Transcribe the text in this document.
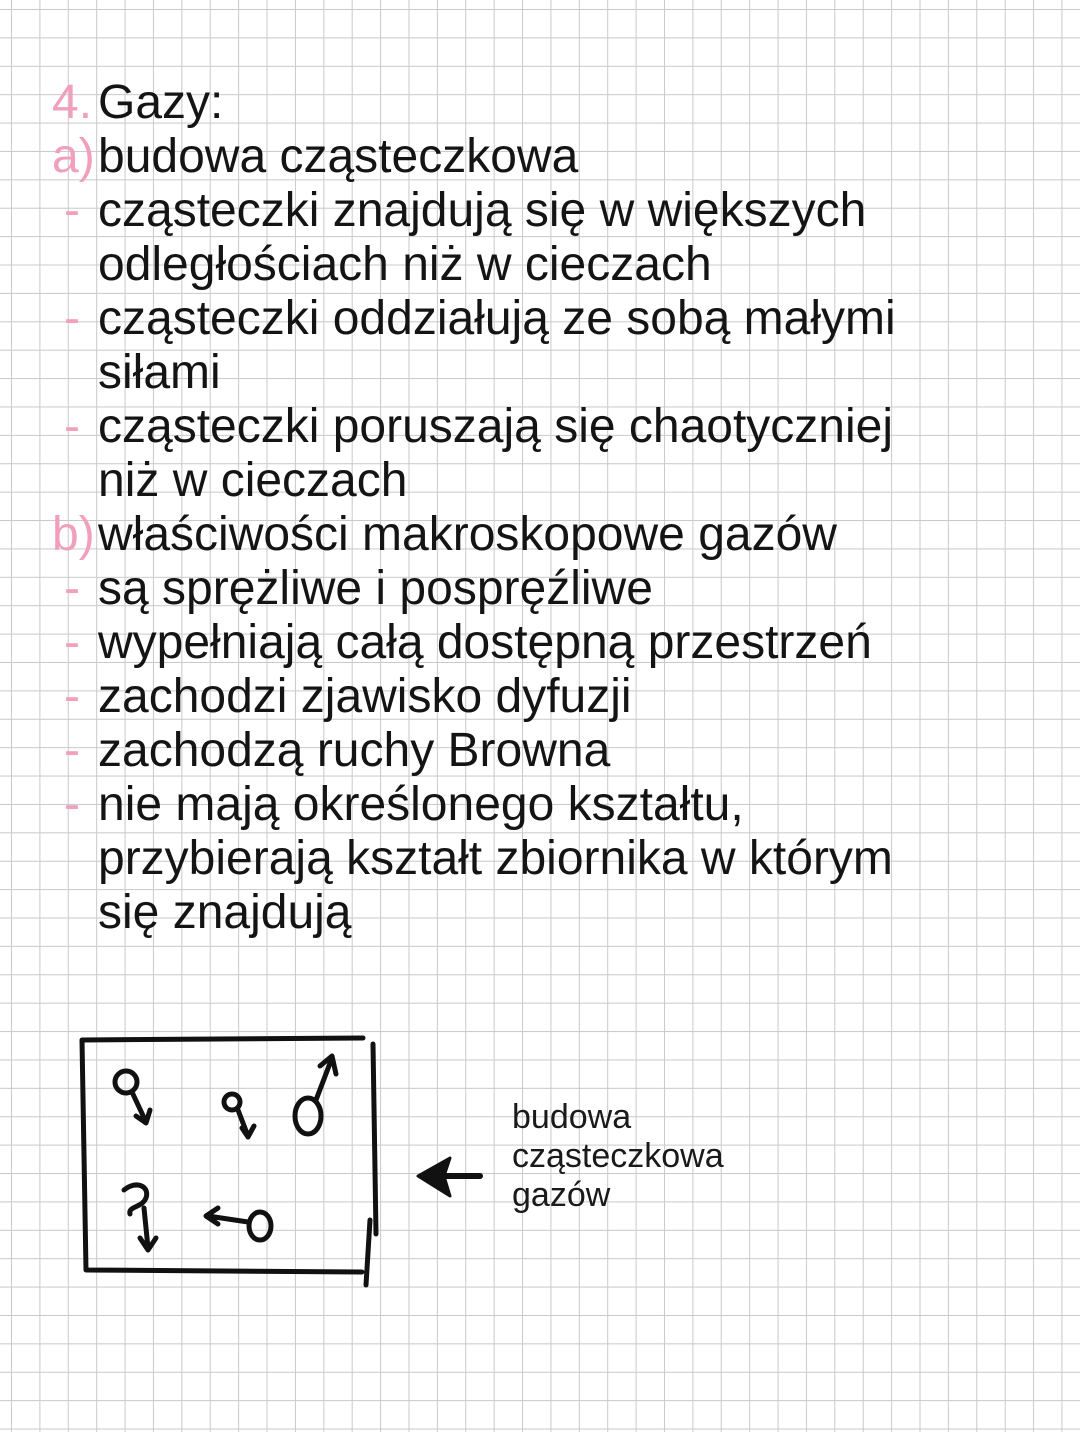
4. Gazy:
a)budowa cząsteczkowa
- cząsteczki znajdują się w większych
odległościach niż w cieczach
- cząsteczki oddziałują ze sobą małymi
siłami
- cząsteczki poruszają się chaotyczniej
niż w cieczach
b)właściwości makroskopowe gazów
- są sprężliwe i pospręźliwe
- wypełniają całą dostępną przestrzeń
- zachodzi zjawisko dyfuzji
- zachodzą ruchy Browna
- nie mają określonego kształtu,
przybierają kształt zbiornika w którym
się znajdują
budowa
cząsteczkowa
gazów
